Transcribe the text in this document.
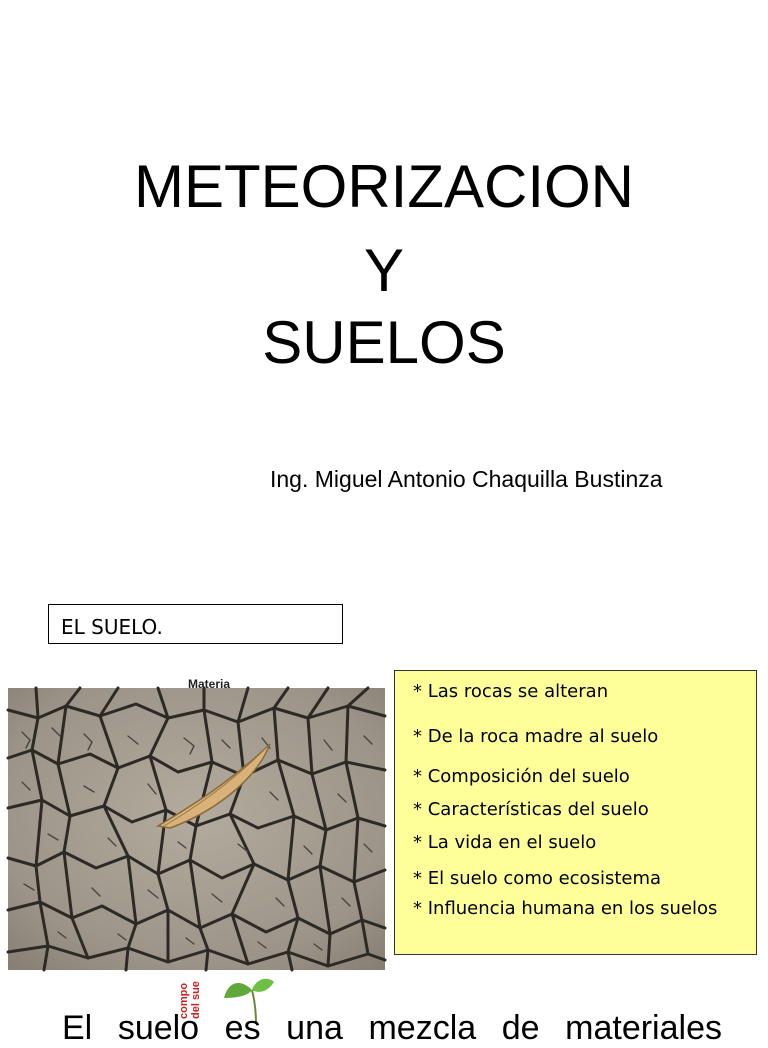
METEORIZACION
Y
SUELOS
Ing. Miguel Antonio Chaquilla Bustinza
EL SUELO.
Materia	* Las rocas se alteran
* De la roca madre al suelo
* Composición del suelo
* Características del suelo
* La vida en el suelo
* El suelo como ecosistema
* Influencia humana en los suelos
compo del sue
El suelo es una mezcla de materiales
